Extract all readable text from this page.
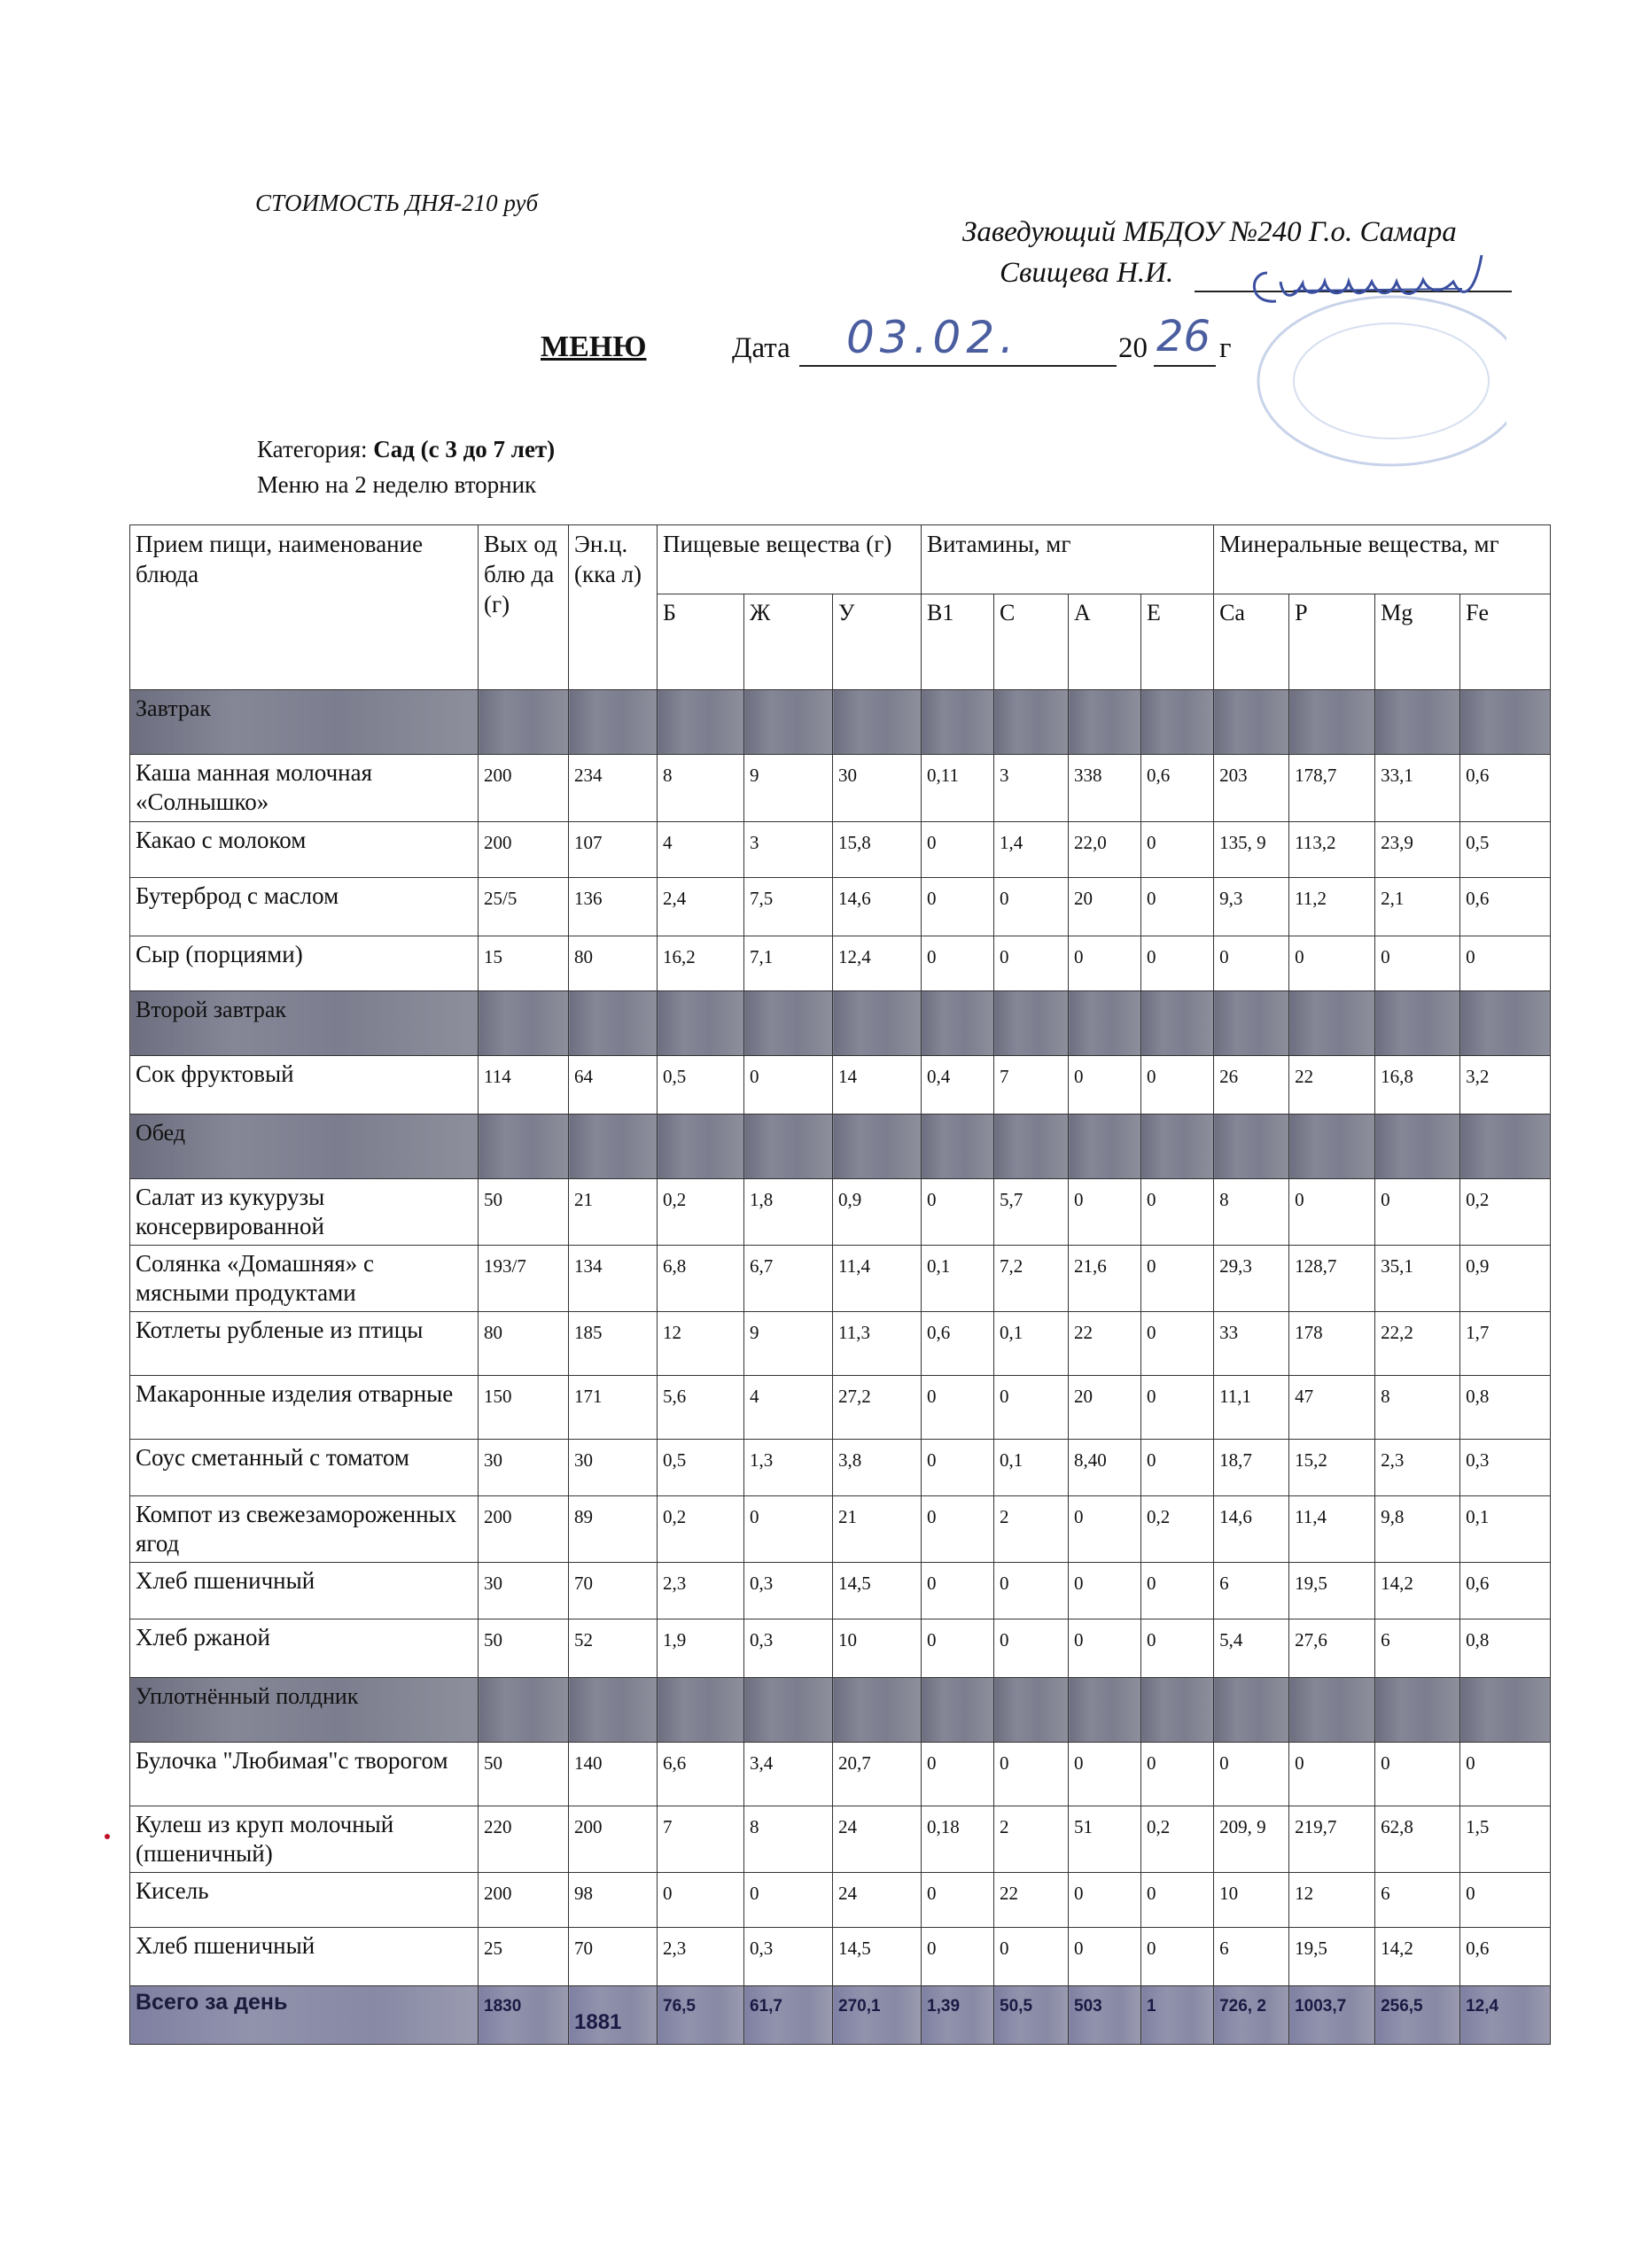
СТОИМОСТЬ ДНЯ-210 руб
Заведующий МБДОУ №240 Г.о. Самара
Свищева Н.И.
МЕНЮ	Дата 03.02.	20 26 г
Категория: Сад (с 3 до 7 лет)
Меню на 2 неделю вторник
Прием пищи, наименование блюда	Вых од блю да (г)	Эн.ц. (кка л)	Пищевые вещества (г)			Витамины, мг				Минеральные вещества, мг			
			Б	Ж	У	B1	C	A	E	Ca	P	Mg	Fe
Завтрак													
Каша манная молочная «Солнышко»	200	234	8	9	30	0,11	3	338	0,6	203	178,7	33,1	0,6
Какао с молоком	200	107	4	3	15,8	0	1,4	22,0	0	135, 9	113,2	23,9	0,5
Бутерброд с маслом	25/5	136	2,4	7,5	14,6	0	0	20	0	9,3	11,2	2,1	0,6
Сыр (порциями)	15	80	16,2	7,1	12,4	0	0	0	0	0	0	0	0
Второй завтрак													
Сок фруктовый	114	64	0,5	0	14	0,4	7	0	0	26	22	16,8	3,2
Обед													
Салат из кукурузы консервированной	50	21	0,2	1,8	0,9	0	5,7	0	0	8	0	0	0,2
Солянка «Домашняя» с мясными продуктами	193/7	134	6,8	6,7	11,4	0,1	7,2	21,6	0	29,3	128,7	35,1	0,9
Котлеты рубленые из птицы	80	185	12	9	11,3	0,6	0,1	22	0	33	178	22,2	1,7
Макаронные изделия отварные	150	171	5,6	4	27,2	0	0	20	0	11,1	47	8	0,8
Соус сметанный с томатом	30	30	0,5	1,3	3,8	0	0,1	8,40	0	18,7	15,2	2,3	0,3
Компот из свежезамороженных ягод	200	89	0,2	0	21	0	2	0	0,2	14,6	11,4	9,8	0,1
Хлеб пшеничный	30	70	2,3	0,3	14,5	0	0	0	0	6	19,5	14,2	0,6
Хлеб ржаной	50	52	1,9	0,3	10	0	0	0	0	5,4	27,6	6	0,8
Уплотнённый полдник													
Булочка "Любимая"с творогом	50	140	6,6	3,4	20,7	0	0	0	0	0	0	0	0
Кулеш из круп молочный (пшеничный)	220	200	7	8	24	0,18	2	51	0,2	209, 9	219,7	62,8	1,5
Кисель	200	98	0	0	24	0	22	0	0	10	12	6	0
Хлеб пшеничный	25	70	2,3	0,3	14,5	0	0	0	0	6	19,5	14,2	0,6
Всего за день	1830	1881	76,5	61,7	270,1	1,39	50,5	503	1	726, 2	1003,7	256,5	12,4
